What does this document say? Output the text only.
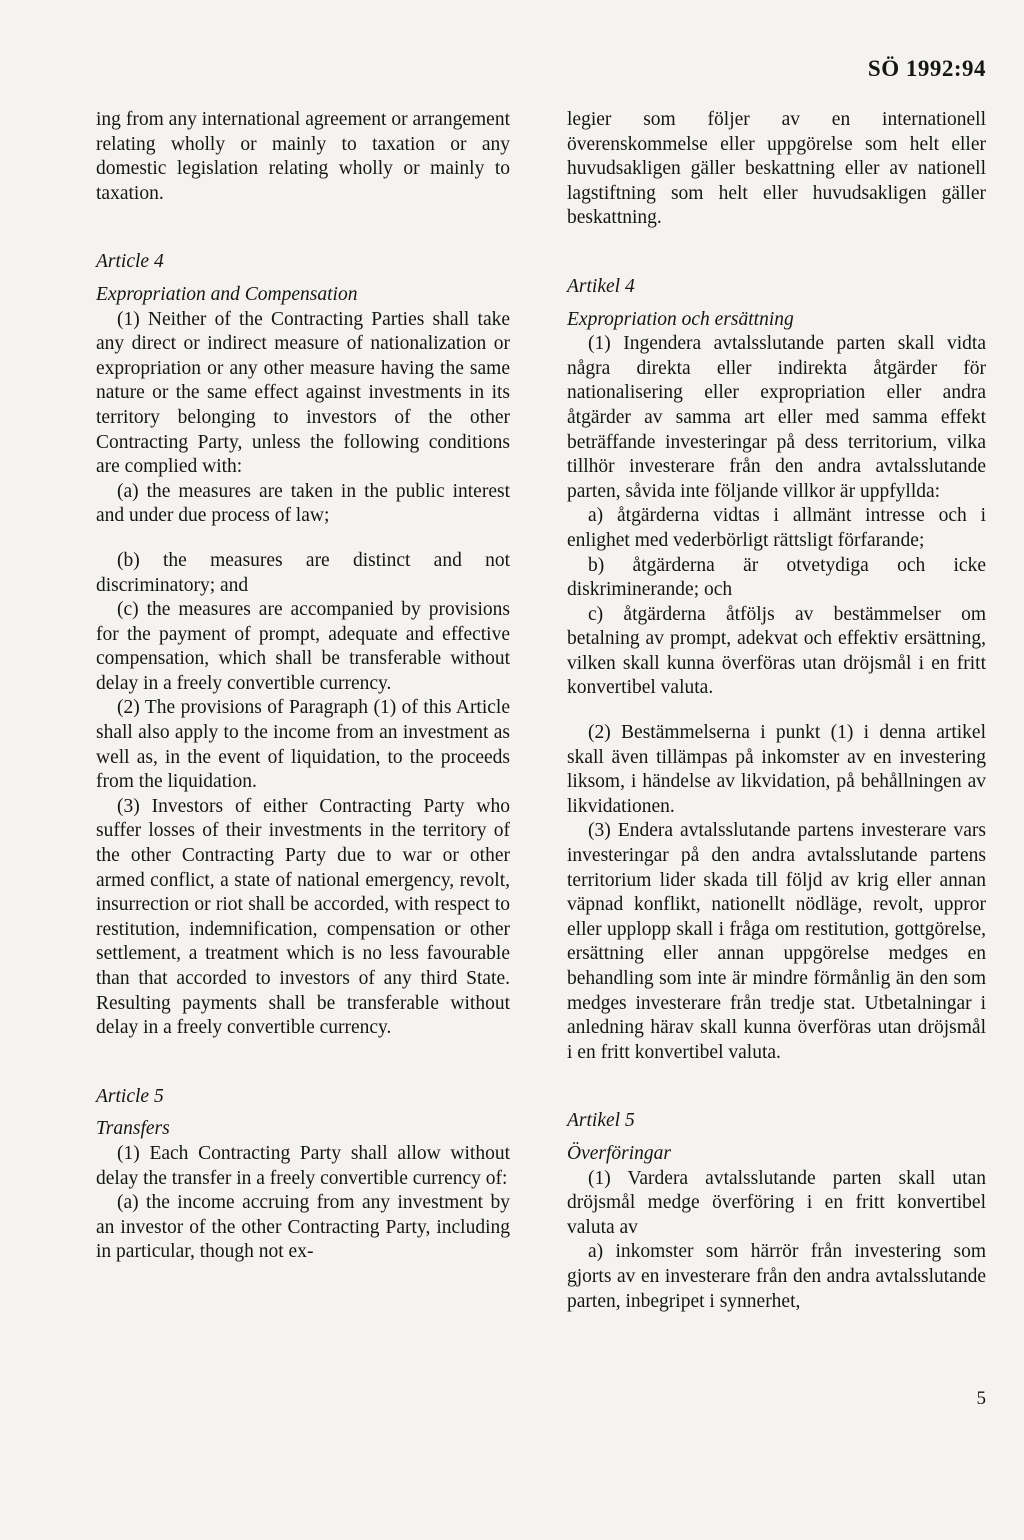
SÖ 1992:94

ing from any international agreement or arrangement relating wholly or mainly to taxation or any domestic legislation relating wholly or mainly to taxation.

Article 4

Expropriation and Compensation

(1) Neither of the Contracting Parties shall take any direct or indirect measure of nationalization or expropriation or any other measure having the same nature or the same effect against investments in its territory belonging to investors of the other Contracting Party, unless the following conditions are complied with:

(a) the measures are taken in the public interest and under due process of law;

(b) the measures are distinct and not discriminatory; and

(c) the measures are accompanied by provisions for the payment of prompt, adequate and effective compensation, which shall be transferable without delay in a freely convertible currency.

(2) The provisions of Paragraph (1) of this Article shall also apply to the income from an investment as well as, in the event of liquidation, to the proceeds from the liquidation.

(3) Investors of either Contracting Party who suffer losses of their investments in the territory of the other Contracting Party due to war or other armed conflict, a state of national emergency, revolt, insurrection or riot shall be accorded, with respect to restitution, indemnification, compensation or other settlement, a treatment which is no less favourable than that accorded to investors of any third State. Resulting payments shall be transferable without delay in a freely convertible currency.

Article 5

Transfers

(1) Each Contracting Party shall allow without delay the transfer in a freely convertible currency of:

(a) the income accruing from any investment by an investor of the other Contracting Party, including in particular, though not ex-

legier som följer av en internationell överenskommelse eller uppgörelse som helt eller huvudsakligen gäller beskattning eller av nationell lagstiftning som helt eller huvudsakligen gäller beskattning.

Artikel 4

Expropriation och ersättning

(1) Ingendera avtalsslutande parten skall vidta några direkta eller indirekta åtgärder för nationalisering eller expropriation eller andra åtgärder av samma art eller med samma effekt beträffande investeringar på dess territorium, vilka tillhör investerare från den andra avtalsslutande parten, såvida inte följande villkor är uppfyllda:

a) åtgärderna vidtas i allmänt intresse och i enlighet med vederbörligt rättsligt förfarande;

b) åtgärderna är otvetydiga och icke diskriminerande; och

c) åtgärderna åtföljs av bestämmelser om betalning av prompt, adekvat och effektiv ersättning, vilken skall kunna överföras utan dröjsmål i en fritt konvertibel valuta.

(2) Bestämmelserna i punkt (1) i denna artikel skall även tillämpas på inkomster av en investering liksom, i händelse av likvidation, på behållningen av likvidationen.

(3) Endera avtalsslutande partens investerare vars investeringar på den andra avtalsslutande partens territorium lider skada till följd av krig eller annan väpnad konflikt, nationellt nödläge, revolt, uppror eller upplopp skall i fråga om restitution, gottgörelse, ersättning eller annan uppgörelse medges en behandling som inte är mindre förmånlig än den som medges investerare från tredje stat. Utbetalningar i anledning härav skall kunna överföras utan dröjsmål i en fritt konvertibel valuta.

Artikel 5

Överföringar

(1) Vardera avtalsslutande parten skall utan dröjsmål medge överföring i en fritt konvertibel valuta av

a) inkomster som härrör från investering som gjorts av en investerare från den andra avtalsslutande parten, inbegripet i synnerhet,

5
